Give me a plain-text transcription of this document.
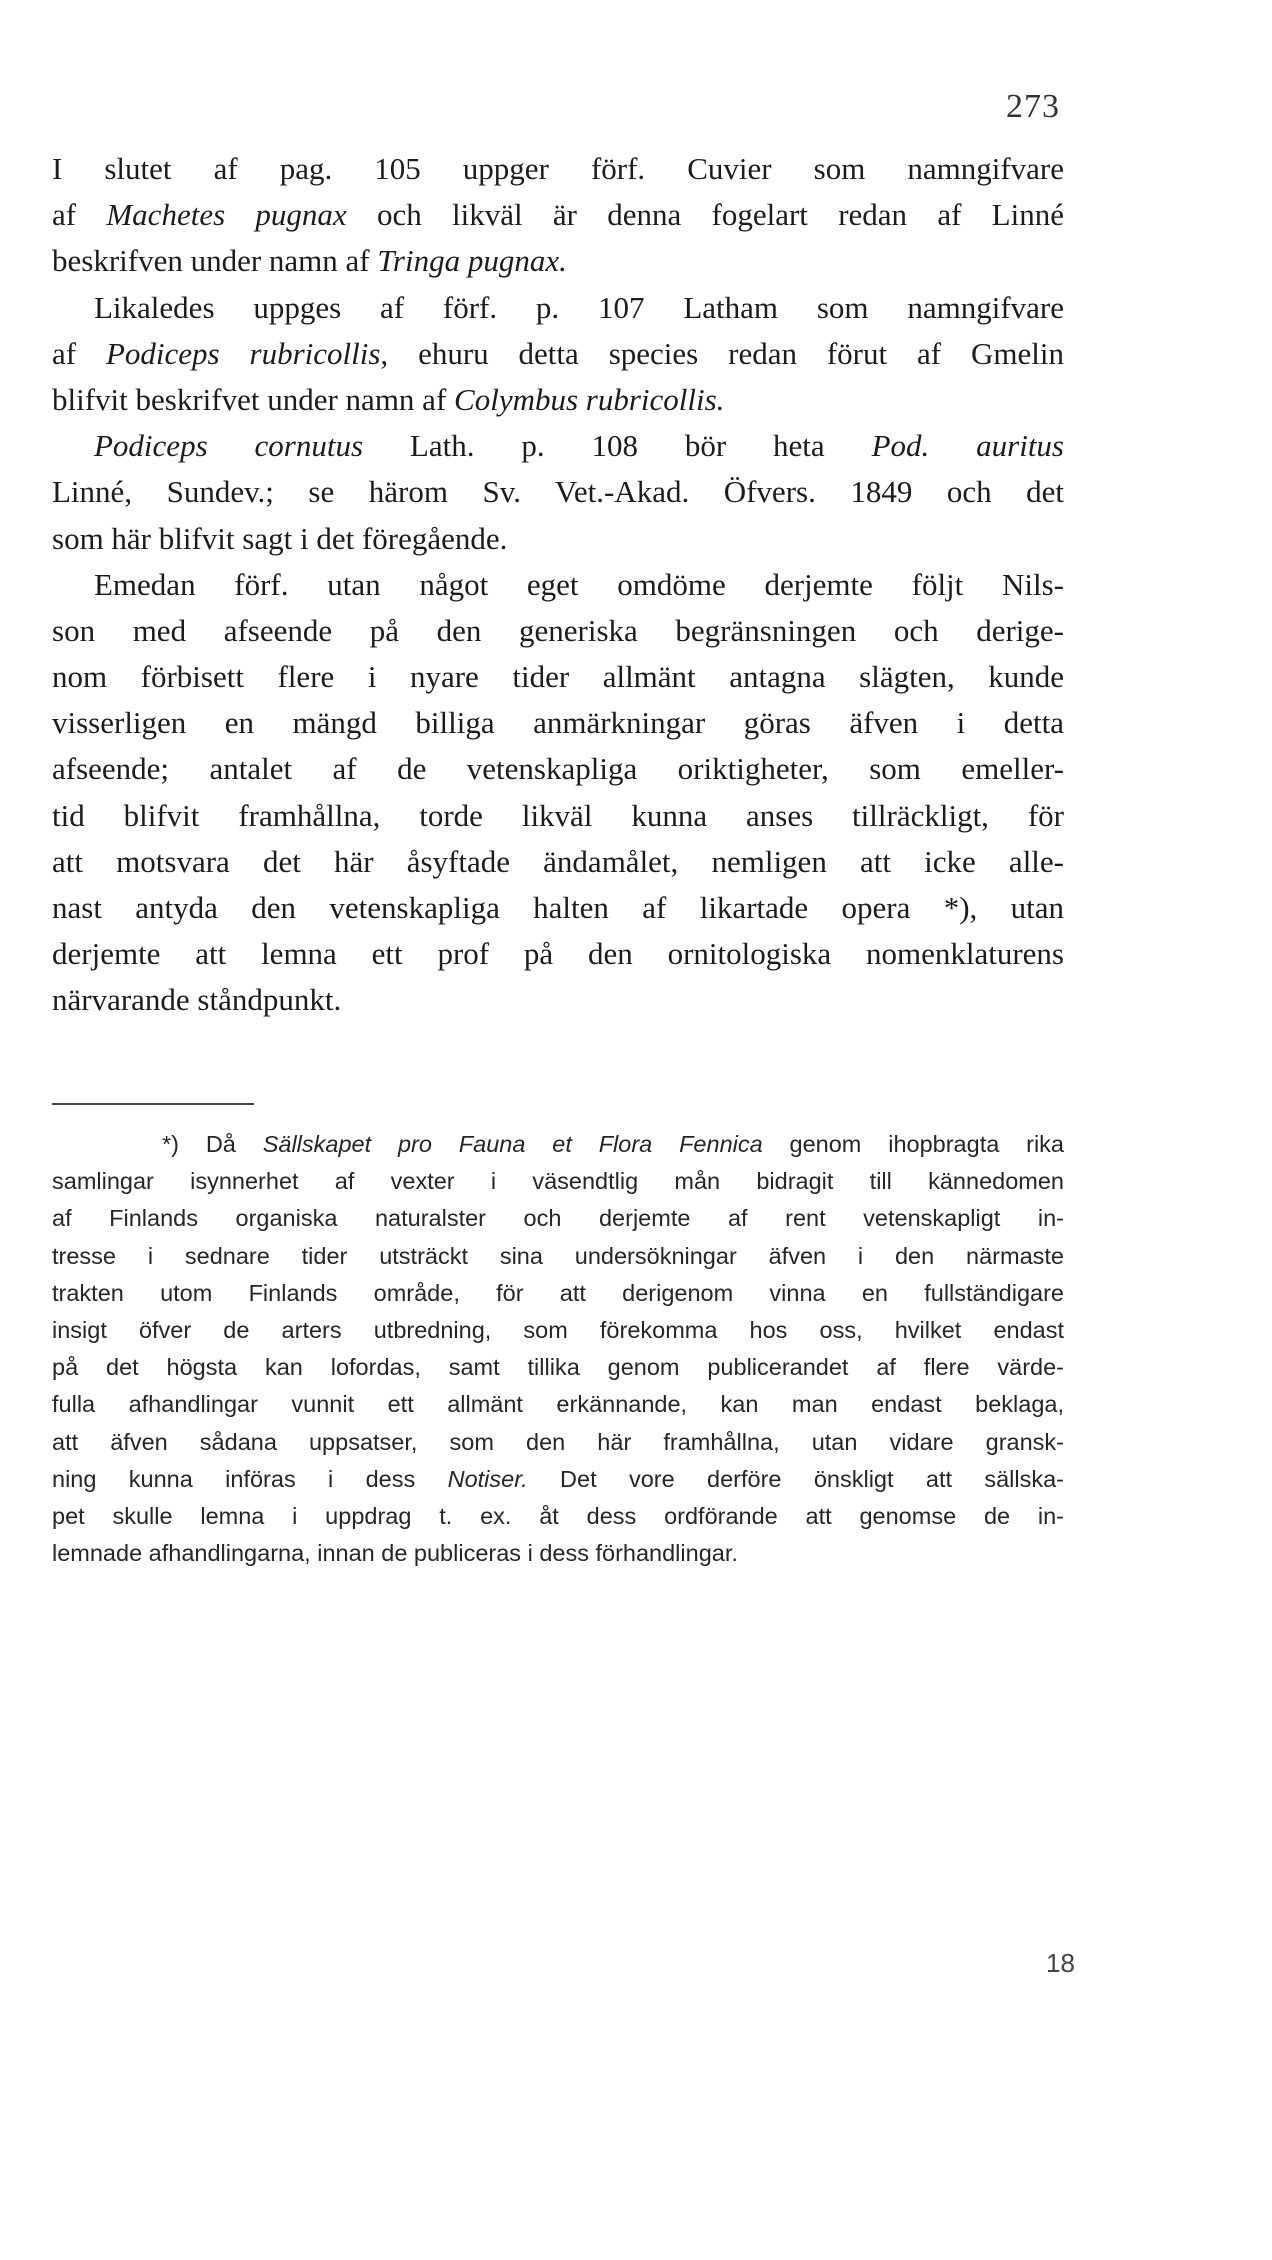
273
I slutet af pag. 105 uppger förf. Cuvier som namngifvare
af Machetes pugnax och likväl är denna fogelart redan af Linné
beskrifven under namn af Tringa pugnax.
Likaledes uppges af förf. p. 107 Latham som namngifvare
af Podiceps rubricollis, ehuru detta species redan förut af Gmelin
blifvit beskrifvet under namn af Colymbus rubricollis.
Podiceps cornutus Lath. p. 108 bör heta Pod. auritus
Linné, Sundev.; se härom Sv. Vet.-Akad. Öfvers. 1849 och det
som här blifvit sagt i det föregående.
Emedan förf. utan något eget omdöme derjemte följt Nils-
son med afseende på den generiska begränsningen och derige-
nom förbisett flere i nyare tider allmänt antagna slägten, kunde
visserligen en mängd billiga anmärkningar göras äfven i detta
afseende; antalet af de vetenskapliga oriktigheter, som emeller-
tid blifvit framhållna, torde likväl kunna anses tillräckligt, för
att motsvara det här åsyftade ändamålet, nemligen att icke alle-
nast antyda den vetenskapliga halten af likartade opera *), utan
derjemte att lemna ett prof på den ornitologiska nomenklaturens
närvarande ståndpunkt.
*) Då Sällskapet pro Fauna et Flora Fennica genom ihopbragta rika
samlingar isynnerhet af vexter i väsendtlig mån bidragit till kännedomen
af Finlands organiska naturalster och derjemte af rent vetenskapligt in-
tresse i sednare tider utsträckt sina undersökningar äfven i den närmaste
trakten utom Finlands område, för att derigenom vinna en fullständigare
insigt öfver de arters utbredning, som förekomma hos oss, hvilket endast
på det högsta kan lofordas, samt tillika genom publicerandet af flere värde-
fulla afhandlingar vunnit ett allmänt erkännande, kan man endast beklaga,
att äfven sådana uppsatser, som den här framhållna, utan vidare gransk-
ning kunna införas i dess Notiser. Det vore derföre önskligt att sällska-
pet skulle lemna i uppdrag t. ex. åt dess ordförande att genomse de in-
lemnade afhandlingarna, innan de publiceras i dess förhandlingar.
18
